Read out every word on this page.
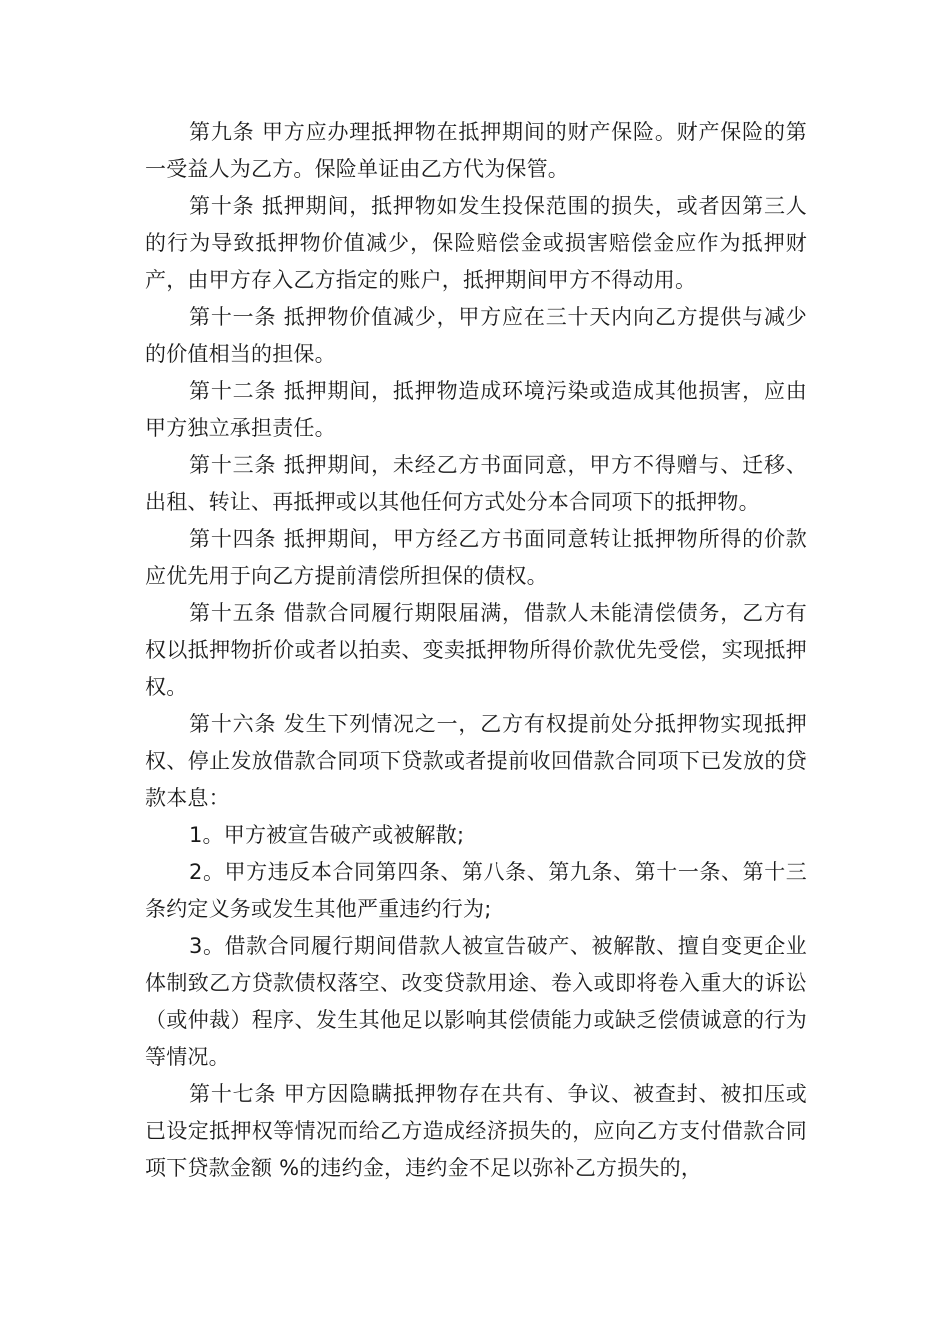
第九条 甲方应办理抵押物在抵押期间的财产保险。财产保险的第一受益人为乙方。保险单证由乙方代为保管。

第十条 抵押期间，抵押物如发生投保范围的损失，或者因第三人的行为导致抵押物价值减少，保险赔偿金或损害赔偿金应作为抵押财产，由甲方存入乙方指定的账户，抵押期间甲方不得动用。

第十一条 抵押物价值减少，甲方应在三十天内向乙方提供与减少的价值相当的担保。

第十二条 抵押期间，抵押物造成环境污染或造成其他损害，应由甲方独立承担责任。

第十三条 抵押期间，未经乙方书面同意，甲方不得赠与、迁移、出租、转让、再抵押或以其他任何方式处分本合同项下的抵押物。

第十四条 抵押期间，甲方经乙方书面同意转让抵押物所得的价款应优先用于向乙方提前清偿所担保的债权。

第十五条 借款合同履行期限届满，借款人未能清偿债务，乙方有权以抵押物折价或者以拍卖、变卖抵押物所得价款优先受偿，实现抵押权。

第十六条 发生下列情况之一，乙方有权提前处分抵押物实现抵押权、停止发放借款合同项下贷款或者提前收回借款合同项下已发放的贷款本息：

1。甲方被宣告破产或被解散;

2。甲方违反本合同第四条、第八条、第九条、第十一条、第十三条约定义务或发生其他严重违约行为;

3。借款合同履行期间借款人被宣告破产、被解散、擅自变更企业体制致乙方贷款债权落空、改变贷款用途、卷入或即将卷入重大的诉讼（或仲裁）程序、发生其他足以影响其偿债能力或缺乏偿债诚意的行为等情况。

第十七条 甲方因隐瞒抵押物存在共有、争议、被查封、被扣压或已设定抵押权等情况而给乙方造成经济损失的，应向乙方支付借款合同项下贷款金额 %的违约金，违约金不足以弥补乙方损失的，
